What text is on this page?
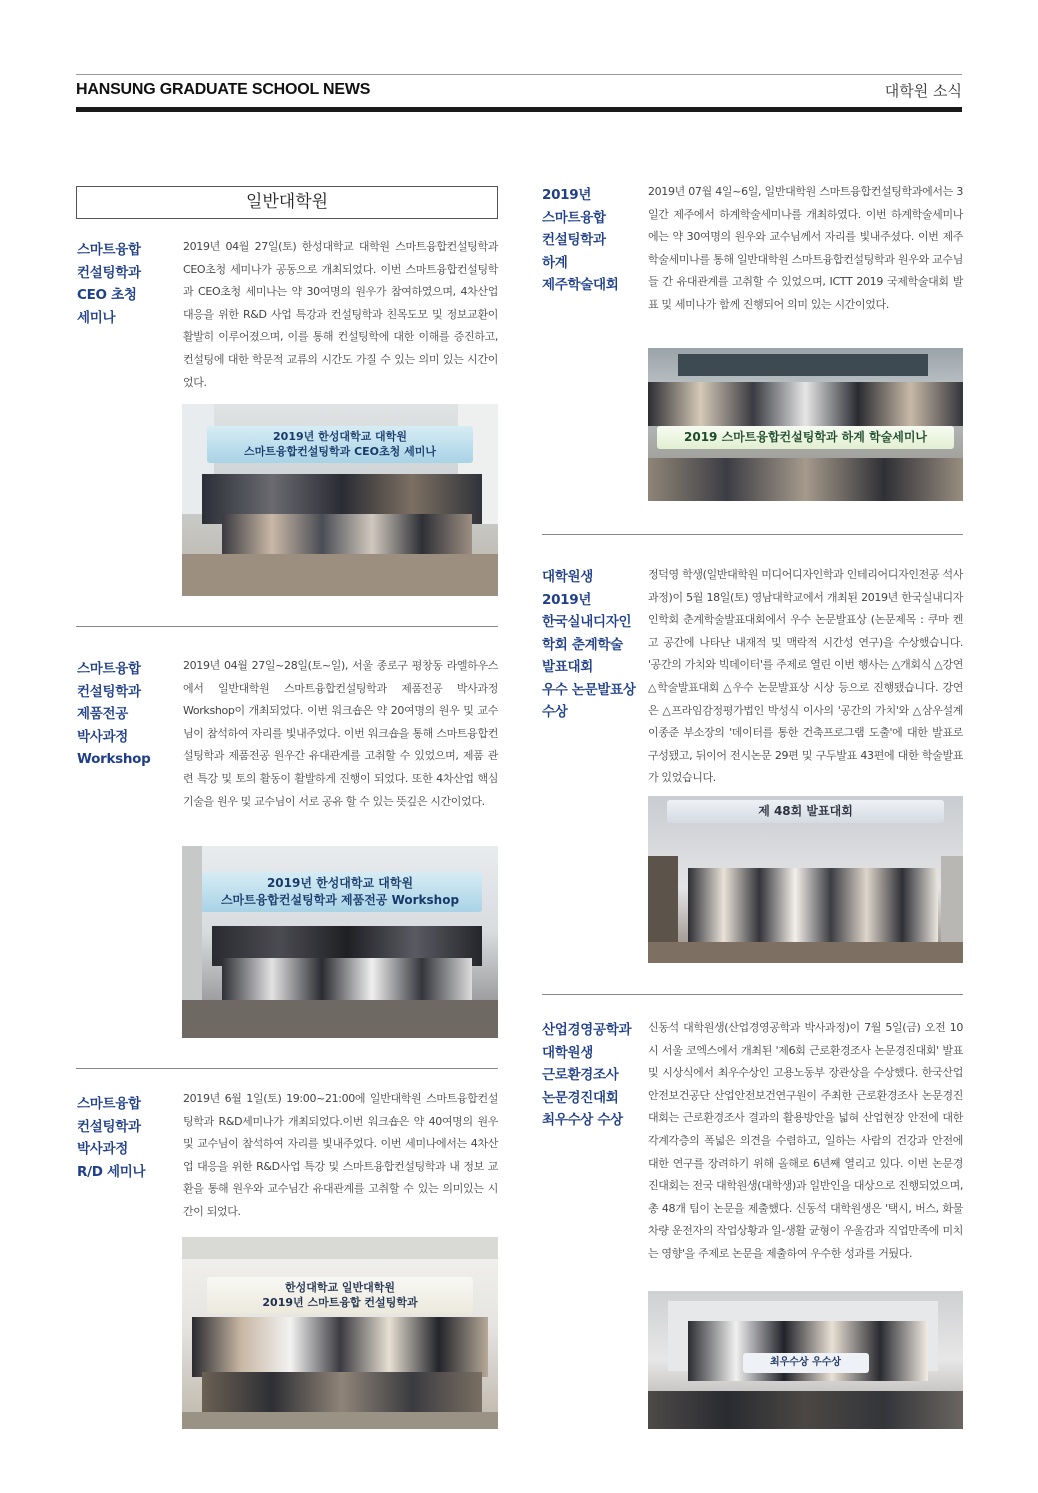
HANSUNG GRADUATE SCHOOL NEWS	대학원 소식
일반대학원
스마트융합
컨설팅학과
CEO 초청
세미나
2019년 04월 27일(토) 한성대학교 대학원 스마트융합컨설팅학과 CEO초청 세미나가 공동으로 개최되었다. 이번 스마트융합컨설팅학과 CEO초청 세미나는 약 30여명의 원우가 참여하였으며, 4차산업 대응을 위한 R&D 사업 특강과 컨설팅학과 친목도모 및 정보교환이 활발히 이루어졌으며, 이를 통해 컨설팅학에 대한 이해를 증진하고, 컨설팅에 대한 학문적 교류의 시간도 가질 수 있는 의미 있는 시간이었다.
2019년 한성대학교 대학원
스마트융합컨설팅학과 CEO초청 세미나
스마트융합
컨설팅학과
제품전공
박사과정
Workshop
2019년 04월 27일~28일(토~일), 서울 종로구 평창동 라엘하우스에서 일반대학원 스마트융합컨설팅학과 제품전공 박사과정 Workshop이 개최되었다. 이번 워크숍은 약 20여명의 원우 및 교수님이 참석하여 자리를 빛내주었다. 이번 워크숍을 통해 스마트융합컨설팅학과 제품전공 원우간 유대관계를 고취할 수 있었으며, 제품 관련 특강 및 토의 활동이 활발하게 진행이 되었다. 또한 4차산업 핵심 기술을 원우 및 교수님이 서로 공유 할 수 있는 뜻깊은 시간이었다.
2019년 한성대학교 대학원
스마트융합컨설팅학과 제품전공 Workshop
스마트융합
컨설팅학과
박사과정
R/D 세미나
2019년 6월 1일(토) 19:00~21:00에 일반대학원 스마트융합컨설팅학과 R&D세미나가 개최되었다.이번 워크숍은 약 40여명의 원우 및 교수님이 참석하여 자리를 빛내주었다. 이번 세미나에서는 4차산업 대응을 위한 R&D사업 특강 및 스마트융합컨설팅학과 내 정보 교환을 통해 원우와 교수님간 유대관계를 고취할 수 있는 의미있는 시간이 되었다.
한성대학교 일반대학원
2019년 스마트융합 컨설팅학과
2019년
스마트융합
컨설팅학과
하계
제주학술대회
2019년 07월 4일~6일, 일반대학원 스마트융합컨설팅학과에서는 3일간 제주에서 하계학술세미나를 개최하였다. 이번 하계학술세미나에는 약 30여명의 원우와 교수님께서 자리를 빛내주셨다. 이번 제주 학술세미나를 통해 일반대학원 스마트융합컨설팅학과 원우와 교수님들 간 유대관계를 고취할 수 있었으며, ICTT 2019 국제학술대회 발표 및 세미나가 함께 진행되어 의미 있는 시간이었다.
2019 스마트융합컨설팅학과 하계 학술세미나
대학원생
2019년
한국실내디자인
학회 춘계학술
발표대회
우수 논문발표상
수상
정덕영 학생(일반대학원 미디어디자인학과 인테리어디자인전공 석사과정)이 5월 18일(토) 영남대학교에서 개최된 2019년 한국실내디자인학회 춘계학술발표대회에서 우수 논문발표상 (논문제목 : 쿠마 켄고 공간에 나타난 내재적 및 맥락적 시간성 연구)을 수상했습니다. '공간의 가치와 빅데이터'를 주제로 열린 이번 행사는 △개회식 △강연 △학술발표대회 △우수 논문발표상 시상 등으로 진행됐습니다. 강연은 △프라임감정평가법인 박성식 이사의 '공간의 가치'와 △삼우설계 이종준 부소장의 '데이터를 통한 건축프로그램 도출'에 대한 발표로 구성됐고, 뒤이어 전시논문 29편 및 구두발표 43편에 대한 학술발표가 있었습니다.
제 48회 발표대회
산업경영공학과
대학원생
근로환경조사
논문경진대회
최우수상 수상
신동석 대학원생(산업경영공학과 박사과정)이 7월 5일(금) 오전 10시 서울 코엑스에서 개최된 '제6회 근로환경조사 논문경진대회' 발표 및 시상식에서 최우수상인 고용노동부 장관상을 수상했다. 한국산업안전보건공단 산업안전보건연구원이 주최한 근로환경조사 논문경진대회는 근로환경조사 결과의 활용방안을 넓혀 산업현장 안전에 대한 각계각층의 폭넓은 의견을 수렴하고, 일하는 사람의 건강과 안전에 대한 연구를 장려하기 위해 올해로 6년째 열리고 있다. 이번 논문경진대회는 전국 대학원생(대학생)과 일반인을 대상으로 진행되었으며, 총 48개 팀이 논문을 제출했다. 신동석 대학원생은 '택시, 버스, 화물차량 운전자의 작업상황과 일-생활 균형이 우울감과 직업만족에 미치는 영향'을 주제로 논문을 제출하여 우수한 성과를 거뒀다.
최우수상 우수상
